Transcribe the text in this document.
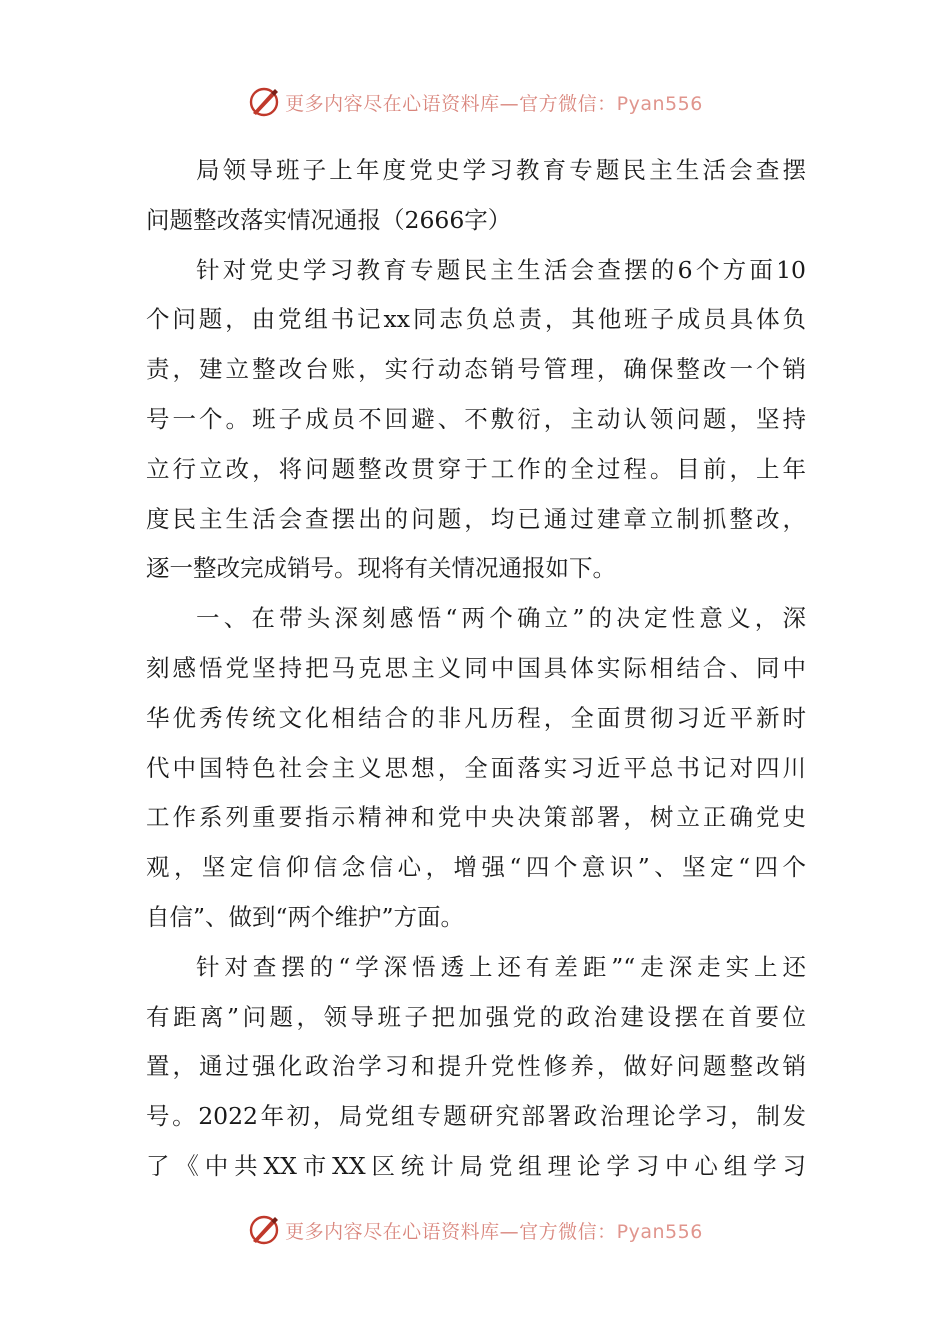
更多内容尽在心语资料库—官方微信：Pyan556
局领导班子上年度党史学习教育专题民主生活会查摆
问题整改落实情况通报（2666字）
针对党史学习教育专题民主生活会查摆的6个方面10
个问题，由党组书记xx同志负总责，其他班子成员具体负
责，建立整改台账，实行动态销号管理，确保整改一个销
号一个。班子成员不回避、不敷衍，主动认领问题，坚持
立行立改，将问题整改贯穿于工作的全过程。目前，上年
度民主生活会查摆出的问题，均已通过建章立制抓整改，
逐一整改完成销号。现将有关情况通报如下。
一、在带头深刻感悟“两个确立”的决定性意义，深
刻感悟党坚持把马克思主义同中国具体实际相结合、同中
华优秀传统文化相结合的非凡历程，全面贯彻习近平新时
代中国特色社会主义思想，全面落实习近平总书记对四川
工作系列重要指示精神和党中央决策部署，树立正确党史
观，坚定信仰信念信心，增强“四个意识”、坚定“四个
自信”、做到“两个维护”方面。
针对查摆的“学深悟透上还有差距”“走深走实上还
有距离”问题，领导班子把加强党的政治建设摆在首要位
置，通过强化政治学习和提升党性修养，做好问题整改销
号。2022年初，局党组专题研究部署政治理论学习，制发
了《中共XX市XX区统计局党组理论学习中心组学习
更多内容尽在心语资料库—官方微信：Pyan556
